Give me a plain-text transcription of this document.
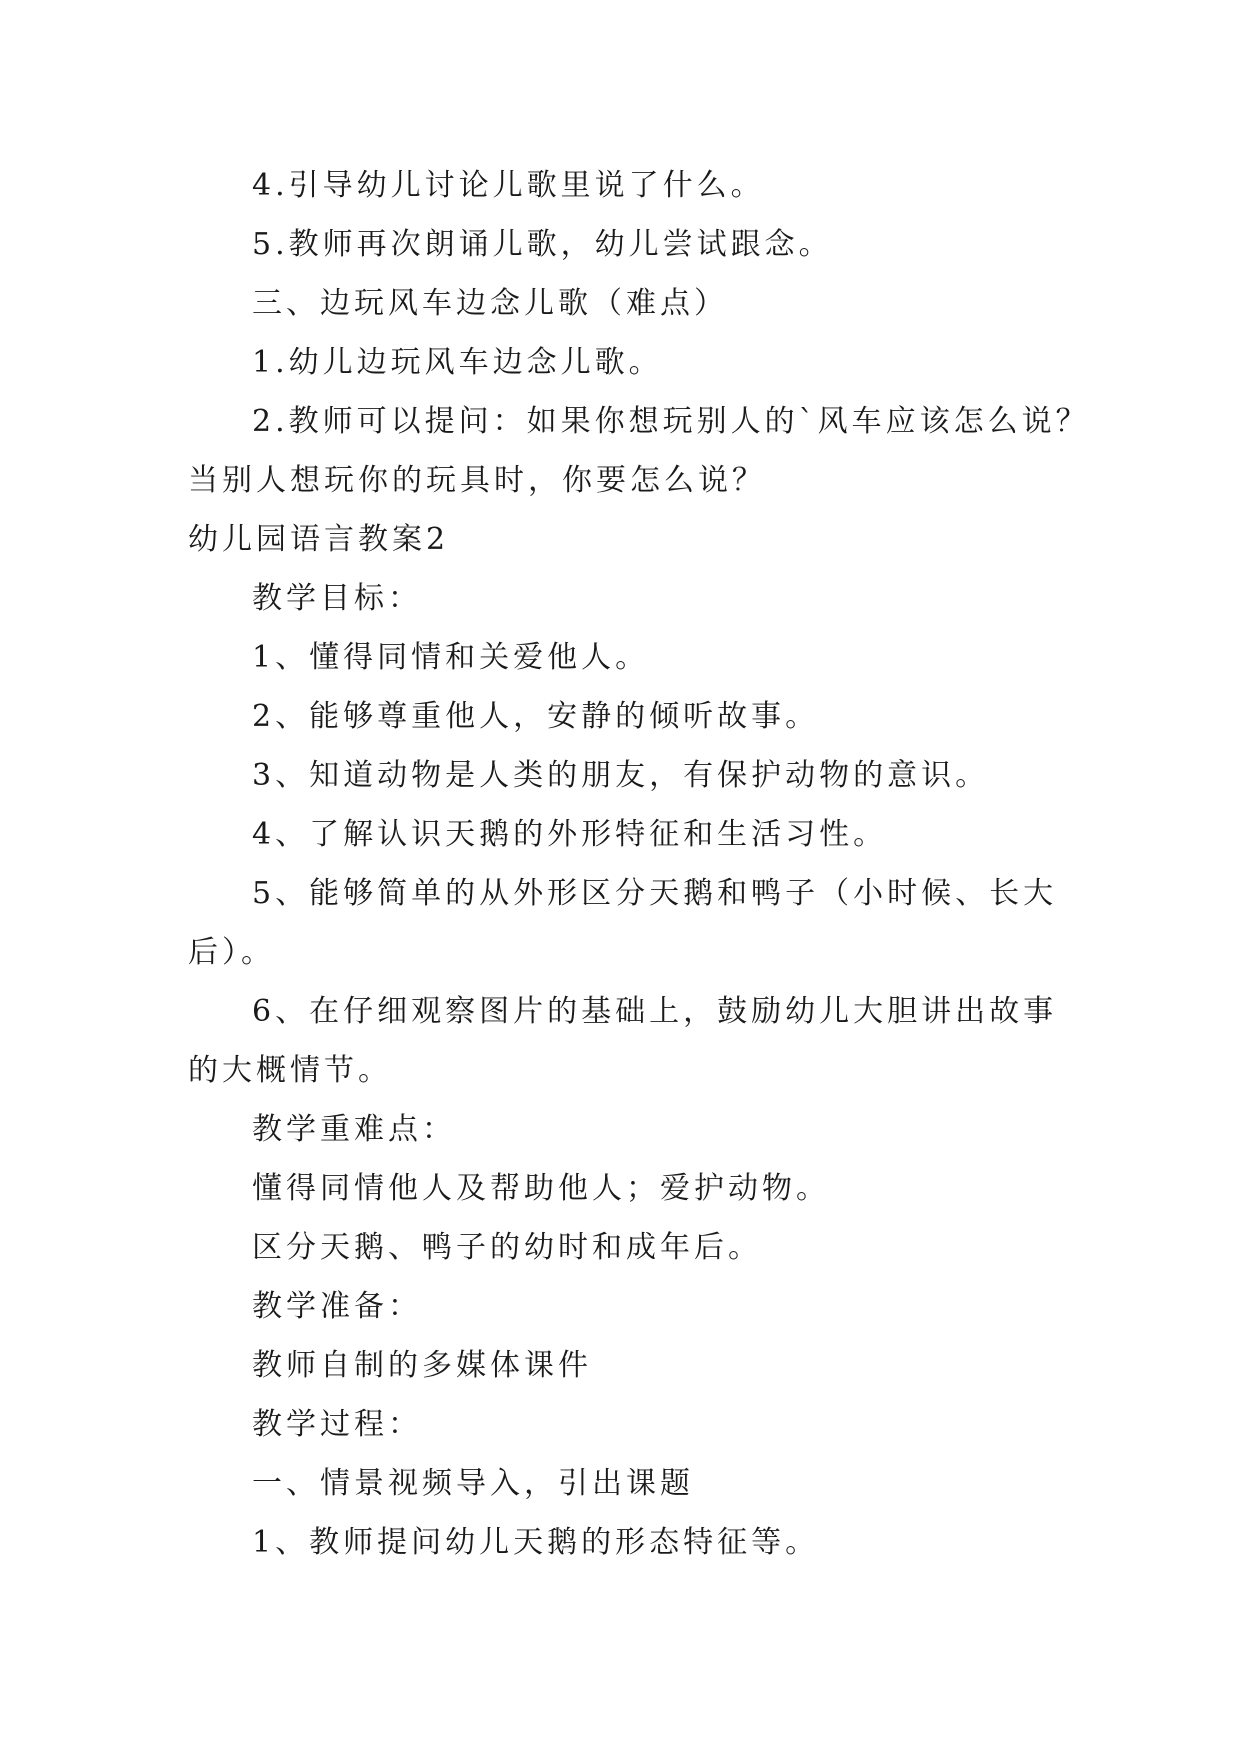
4.引导幼儿讨论儿歌里说了什么。

5.教师再次朗诵儿歌，幼儿尝试跟念。

三、边玩风车边念儿歌（难点）

1.幼儿边玩风车边念儿歌。

2.教师可以提问：如果你想玩别人的`风车应该怎么说？

当别人想玩你的玩具时，你要怎么说？

幼儿园语言教案2

教学目标：

1、懂得同情和关爱他人。

2、能够尊重他人，安静的倾听故事。

3、知道动物是人类的朋友，有保护动物的意识。

4、了解认识天鹅的外形特征和生活习性。

5、能够简单的从外形区分天鹅和鸭子（小时候、长大

后）。

6、在仔细观察图片的基础上，鼓励幼儿大胆讲出故事

的大概情节。

教学重难点：

懂得同情他人及帮助他人；爱护动物。

区分天鹅、鸭子的幼时和成年后。

教学准备：

教师自制的多媒体课件

教学过程：

一、情景视频导入，引出课题

1、教师提问幼儿天鹅的形态特征等。
